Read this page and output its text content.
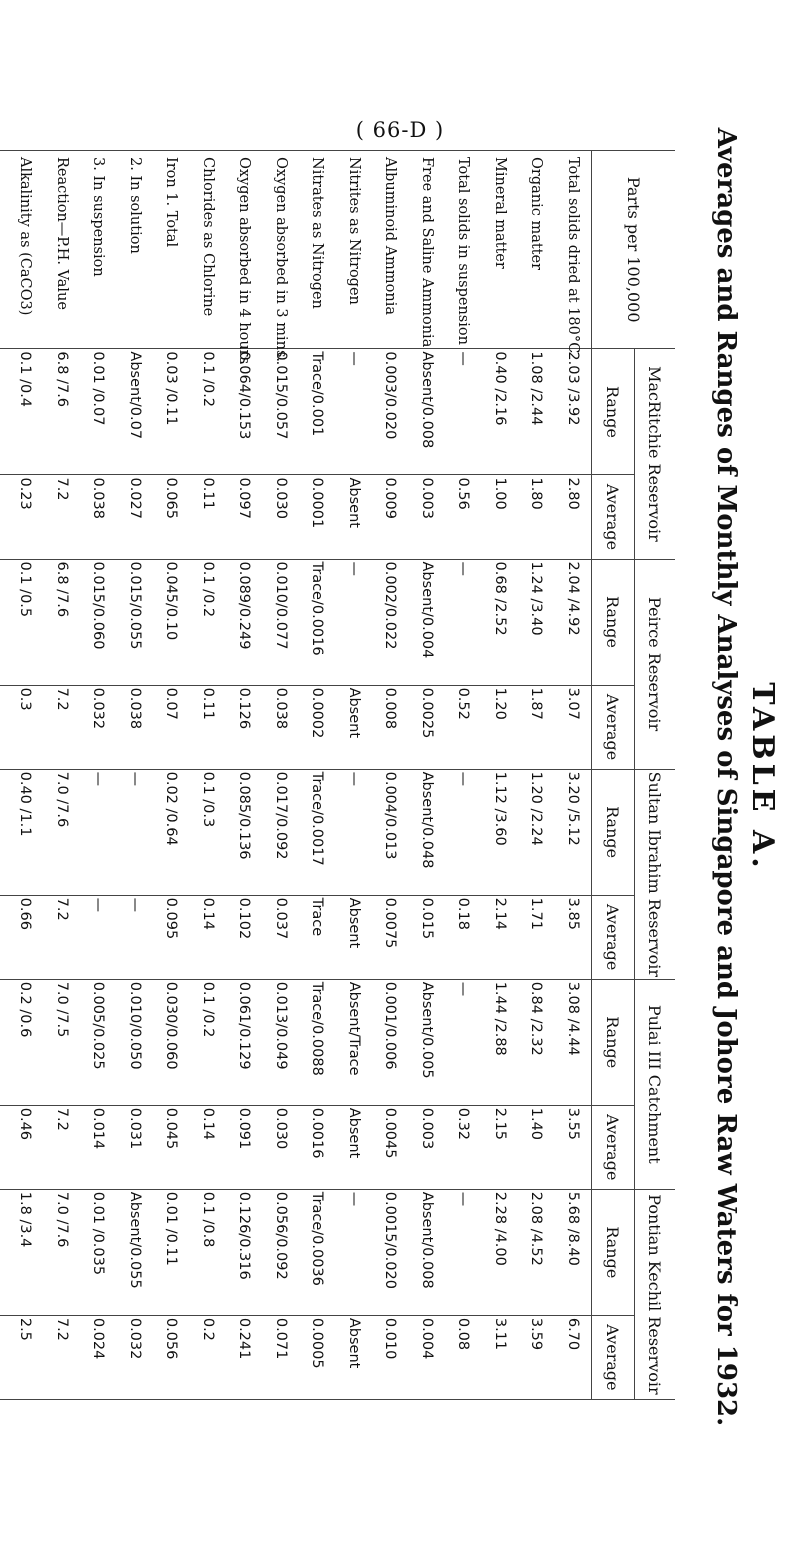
( 66-D )
TABLE A.
Averages and Ranges of Monthly Analyses of Singapore and Johore Raw Waters for 1932.
Parts per 100,000	MacRitchie Reservoir		Peirce Reservoir		Sultan Ibrahim Reservoir		Pulai III Catchment		Pontian Kechil Reservoir	
	Range	Average	Range	Average	Range	Average	Range	Average	Range	Average
Total solids dried at 180°C	2.03 /3.92	2.80	2.04 /4.92	3.07	3.20 /5.12	3.85	3.08 /4.44	3.55	5.68 /8.40	6.70
Organic matter	1.08 /2.44	1.80	1.24 /3.40	1.87	1.20 /2.24	1.71	0.84 /2.32	1.40	2.08 /4.52	3.59
Mineral matter	0.40 /2.16	1.00	0.68 /2.52	1.20	1.12 /3.60	2.14	1.44 /2.88	2.15	2.28 /4.00	3.11
Total solids in suspension	—	0.56	—	0.52	—	0.18	—	0.32	—	0.08
Free and Saline Ammonia	Absent/0.008	0.003	Absent/0.004	0.0025	Absent/0.048	0.015	Absent/0.005	0.003	Absent/0.008	0.004
Albuminoid Ammonia	0.003/0.020	0.009	0.002/0.022	0.008	0.004/0.013	0.0075	0.001/0.006	0.0045	0.0015/0.020	0.010
Nitrites as Nitrogen	—	Absent	—	Absent	—	Absent	Absent/Trace	Absent	—	Absent
Nitrates as Nitrogen	Trace/0.001	0.0001	Trace/0.0016	0.0002	Trace/0.0017	Trace	Trace/0.0088	0.0016	Trace/0.0036	0.0005
Oxygen absorbed in 3 mins.	0.015/0.057	0.030	0.010/0.077	0.038	0.017/0.092	0.037	0.013/0.049	0.030	0.056/0.092	0.071
Oxygen absorbed in 4 hours	0.064/0.153	0.097	0.089/0.249	0.126	0.085/0.136	0.102	0.061/0.129	0.091	0.126/0.316	0.241
Chlorides as Chlorine	0.1 /0.2	0.11	0.1 /0.2	0.11	0.1 /0.3	0.14	0.1 /0.2	0.14	0.1 /0.8	0.2
Iron 1. Total	0.03 /0.11	0.065	0.045/0.10	0.07	0.02 /0.64	0.095	0.030/0.060	0.045	0.01 /0.11	0.056
2. In solution	Absent/0.07	0.027	0.015/0.055	0.038	—	—	0.010/0.050	0.031	Absent/0.055	0.032
3. In suspension	0.01 /0.07	0.038	0.015/0.060	0.032	—	—	0.005/0.025	0.014	0.01 /0.035	0.024
Reaction—P.H. Value	6.8 /7.6	7.2	6.8 /7.6	7.2	7.0 /7.6	7.2	7.0 /7.5	7.2	7.0 /7.6	7.2
Alkalinity as (CaCO3)	0.1 /0.4	0.23	0.1 /0.5	0.3	0.40 /1.1	0.66	0.2 /0.6	0.46	1.8 /3.4	2.5
